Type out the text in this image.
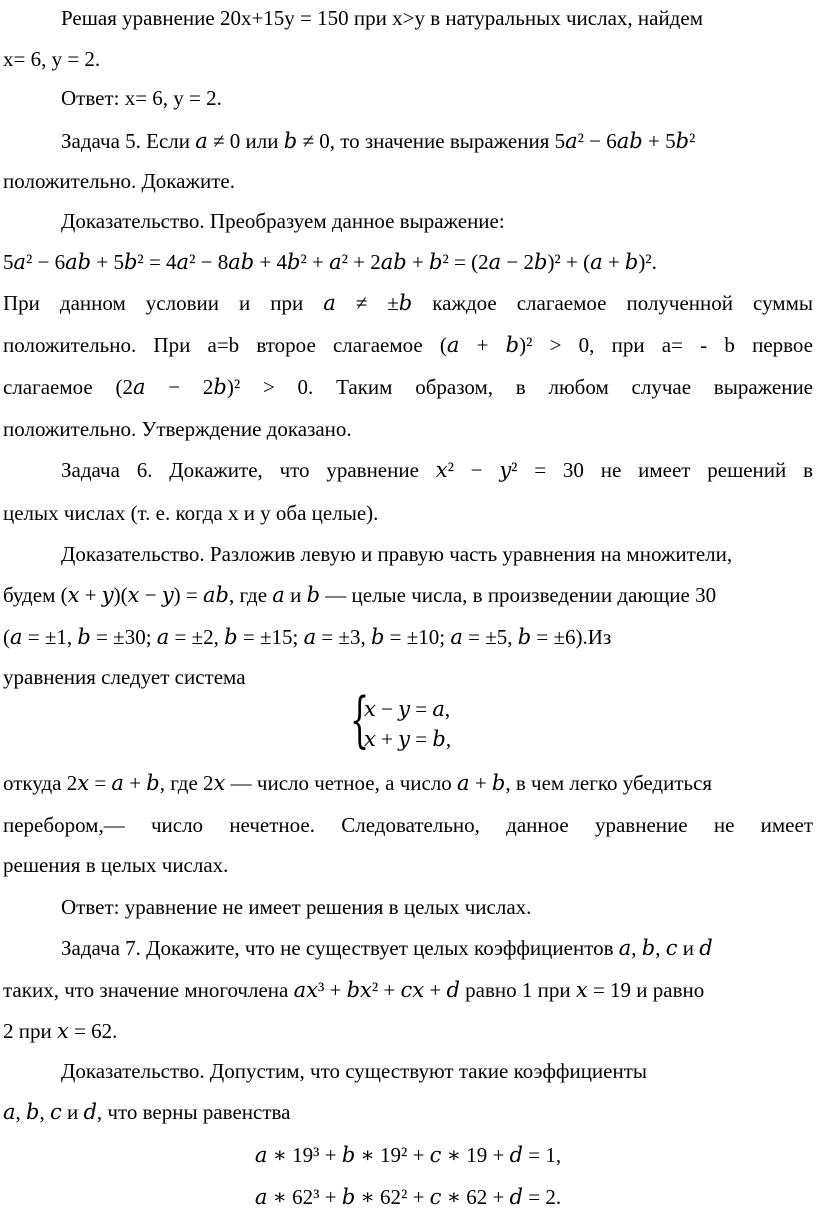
Решая уравнение 20x+15y = 150 при x>y в натуральных числах, найдем
x= 6, y = 2.
Ответ: x= 6, y = 2.
Задача 5. Если 𝑎 ≠ 0 или 𝑏 ≠ 0, то значение выражения 5𝑎² − 6𝑎𝑏 + 5𝑏²
положительно. Докажите.
Доказательство. Преобразуем данное выражение:
5𝑎² − 6𝑎𝑏 + 5𝑏² = 4𝑎² − 8𝑎𝑏 + 4𝑏² + 𝑎² + 2𝑎𝑏 + 𝑏² = (2𝑎 − 2𝑏)² + (𝑎 + 𝑏)².
При данном условии и при 𝑎 ≠ ±𝑏 каждое слагаемое полученной суммы
положительно. При a=b второе слагаемое (𝑎 + 𝑏)² > 0, при a= - b первое
слагаемое (2𝑎 − 2𝑏)² > 0. Таким образом, в любом случае выражение
положительно. Утверждение доказано.
Задача 6. Докажите, что уравнение 𝑥² − 𝑦² = 30 не имеет решений в
целых числах (т. е. когда х и у оба целые).
Доказательство. Разложив левую и правую часть уравнения на множители,
будем (𝑥 + 𝑦)(𝑥 − 𝑦) = 𝑎𝑏, где 𝑎 и 𝑏 — целые числа, в произведении дающие 30
(𝑎 = ±1, 𝑏 = ±30; 𝑎 = ±2, 𝑏 = ±15; 𝑎 = ±3, 𝑏 = ±10; 𝑎 = ±5, 𝑏 = ±6).Из
уравнения следует система
{
𝑥 − 𝑦 = 𝑎,
𝑥 + 𝑦 = 𝑏,
откуда 2𝑥 = 𝑎 + 𝑏, где 2𝑥 — число четное, а число 𝑎 + 𝑏, в чем легко убедиться
перебором,— число нечетное. Следовательно, данное уравнение не имеет
решения в целых числах.
Ответ: уравнение не имеет решения в целых числах.
Задача 7. Докажите, что не существует целых коэффициентов 𝑎, 𝑏, 𝑐 и 𝑑
таких, что значение многочлена 𝑎𝑥³ + 𝑏𝑥² + 𝑐𝑥 + 𝑑 равно 1 при 𝑥 = 19 и равно
2 при 𝑥 = 62.
Доказательство. Допустим, что существуют такие коэффициенты
𝑎, 𝑏, 𝑐 и 𝑑, что верны равенства
𝑎 ∗ 19³ + 𝑏 ∗ 19² + 𝑐 ∗ 19 + 𝑑 = 1,
𝑎 ∗ 62³ + 𝑏 ∗ 62² + 𝑐 ∗ 62 + 𝑑 = 2.
